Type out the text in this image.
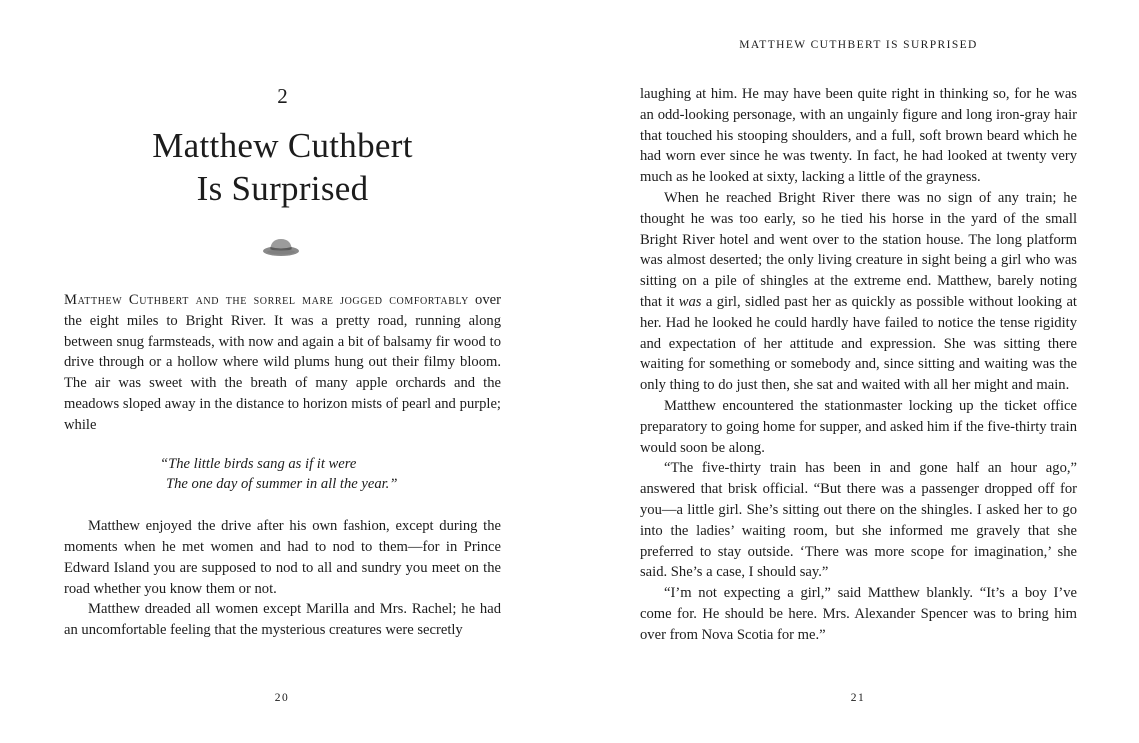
2
Matthew Cuthbert
Is Surprised

Matthew Cuthbert and the sorrel mare jogged comfortably over the eight miles to Bright River. It was a pretty road, running along between snug farmsteads, with now and again a bit of balsamy fir wood to drive through or a hollow where wild plums hung out their filmy bloom. The air was sweet with the breath of many apple orchards and the meadows sloped away in the distance to horizon mists of pearl and purple; while

“The little birds sang as if it were
The one day of summer in all the year.”

Matthew enjoyed the drive after his own fashion, except during the moments when he met women and had to nod to them—for in Prince Edward Island you are supposed to nod to all and sundry you meet on the road whether you know them or not.

Matthew dreaded all women except Marilla and Mrs. Rachel; he had an uncomfortable feeling that the mysterious creatures were secretly

20
MATTHEW CUTHBERT IS SURPRISED

laughing at him. He may have been quite right in thinking so, for he was an odd-looking personage, with an ungainly figure and long iron-gray hair that touched his stooping shoulders, and a full, soft brown beard which he had worn ever since he was twenty. In fact, he had looked at twenty very much as he looked at sixty, lacking a little of the grayness.

When he reached Bright River there was no sign of any train; he thought he was too early, so he tied his horse in the yard of the small Bright River hotel and went over to the station house. The long platform was almost deserted; the only living creature in sight being a girl who was sitting on a pile of shingles at the extreme end. Matthew, barely noting that it was a girl, sidled past her as quickly as possible without looking at her. Had he looked he could hardly have failed to notice the tense rigidity and expectation of her attitude and expression. She was sitting there waiting for something or somebody and, since sitting and waiting was the only thing to do just then, she sat and waited with all her might and main.

Matthew encountered the stationmaster locking up the ticket office preparatory to going home for supper, and asked him if the five-thirty train would soon be along.

“The five-thirty train has been in and gone half an hour ago,” answered that brisk official. “But there was a passenger dropped off for you—a little girl. She’s sitting out there on the shingles. I asked her to go into the ladies’ waiting room, but she informed me gravely that she preferred to stay outside. ‘There was more scope for imagination,’ she said. She’s a case, I should say.”

“I’m not expecting a girl,” said Matthew blankly. “It’s a boy I’ve come for. He should be here. Mrs. Alexander Spencer was to bring him over from Nova Scotia for me.”

21
